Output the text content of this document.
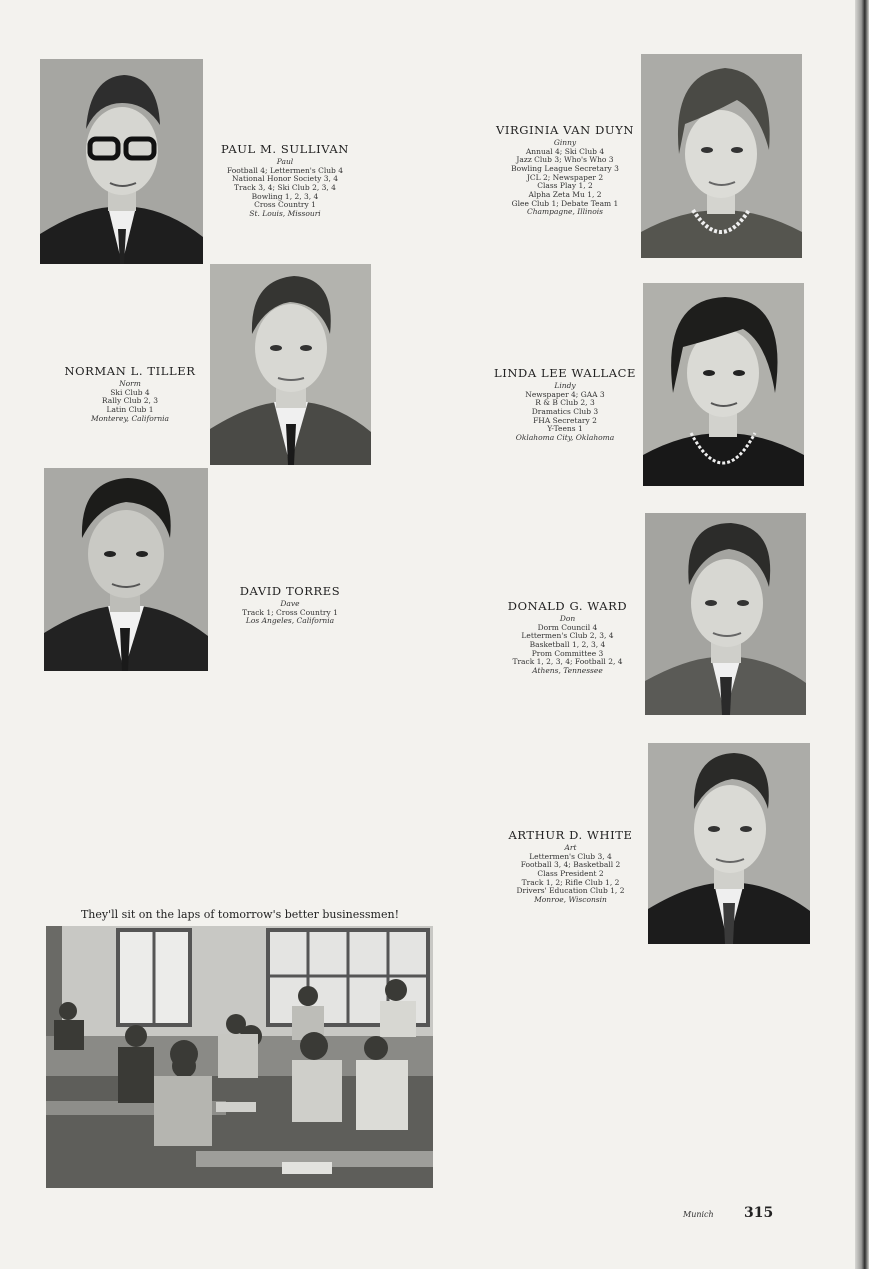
PAUL M. SULLIVAN
Paul
Football 4; Lettermen's Club 4
National Honor Society 3, 4
Track 3, 4; Ski Club 2, 3, 4
Bowling 1, 2, 3, 4
Cross Country 1
St. Louis, Missouri
VIRGINIA VAN DUYN
Ginny
Annual 4; Ski Club 4
Jazz Club 3; Who's Who 3
Bowling League Secretary 3
JCL 2; Newspaper 2
Class Play 1, 2
Alpha Zeta Mu 1, 2
Glee Club 1; Debate Team 1
Champagne, Illinois
NORMAN L. TILLER
Norm
Ski Club 4
Rally Club 2, 3
Latin Club 1
Monterey, California
LINDA LEE WALLACE
Lindy
Newspaper 4; GAA 3
R & B Club 2, 3
Dramatics Club 3
FHA Secretary 2
Y-Teens 1
Oklahoma City, Oklahoma
DAVID TORRES
Dave
Track 1; Cross Country 1
Los Angeles, California
DONALD G. WARD
Don
Dorm Council 4
Lettermen's Club 2, 3, 4
Basketball 1, 2, 3, 4
Prom Committee 3
Track 1, 2, 3, 4; Football 2, 4
Athens, Tennessee
ARTHUR D. WHITE
Art
Lettermen's Club 3, 4
Football 3, 4; Basketball 2
Class President 2
Track 1, 2; Rifle Club 1, 2
Drivers' Education Club 1, 2
Monroe, Wisconsin
They'll sit on the laps of tomorrow's better businessmen!
Munich 315
